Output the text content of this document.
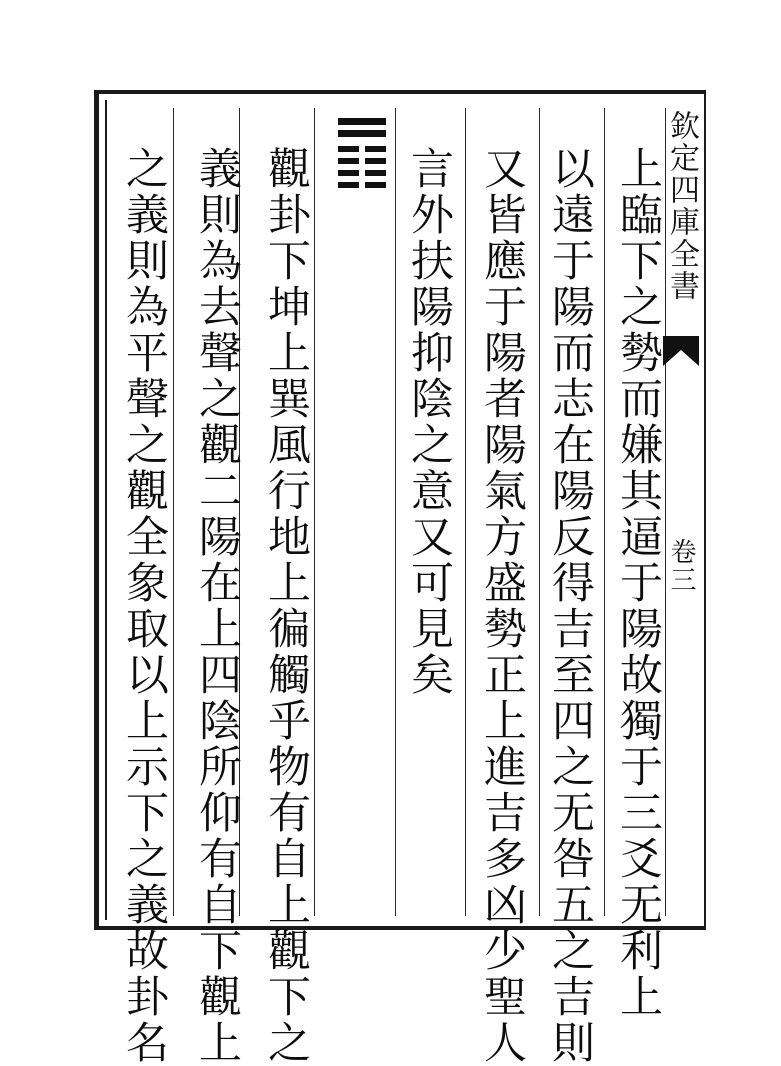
上臨下之勢而嫌其逼于陽故獨于三爻无利上
以遠于陽而志在陽反得吉至四之无咎五之吉則
又皆應于陽者陽氣方盛勢正上進吉多凶少聖人
言外扶陽抑陰之意又可見矣
觀卦下坤上巽風行地上徧觸乎物有自上觀下之
義則為去聲之觀二陽在上四陰所仰有自下觀上
之義則為平聲之觀全象取以上示下之義故卦名	欽定四庫全書
卷三
